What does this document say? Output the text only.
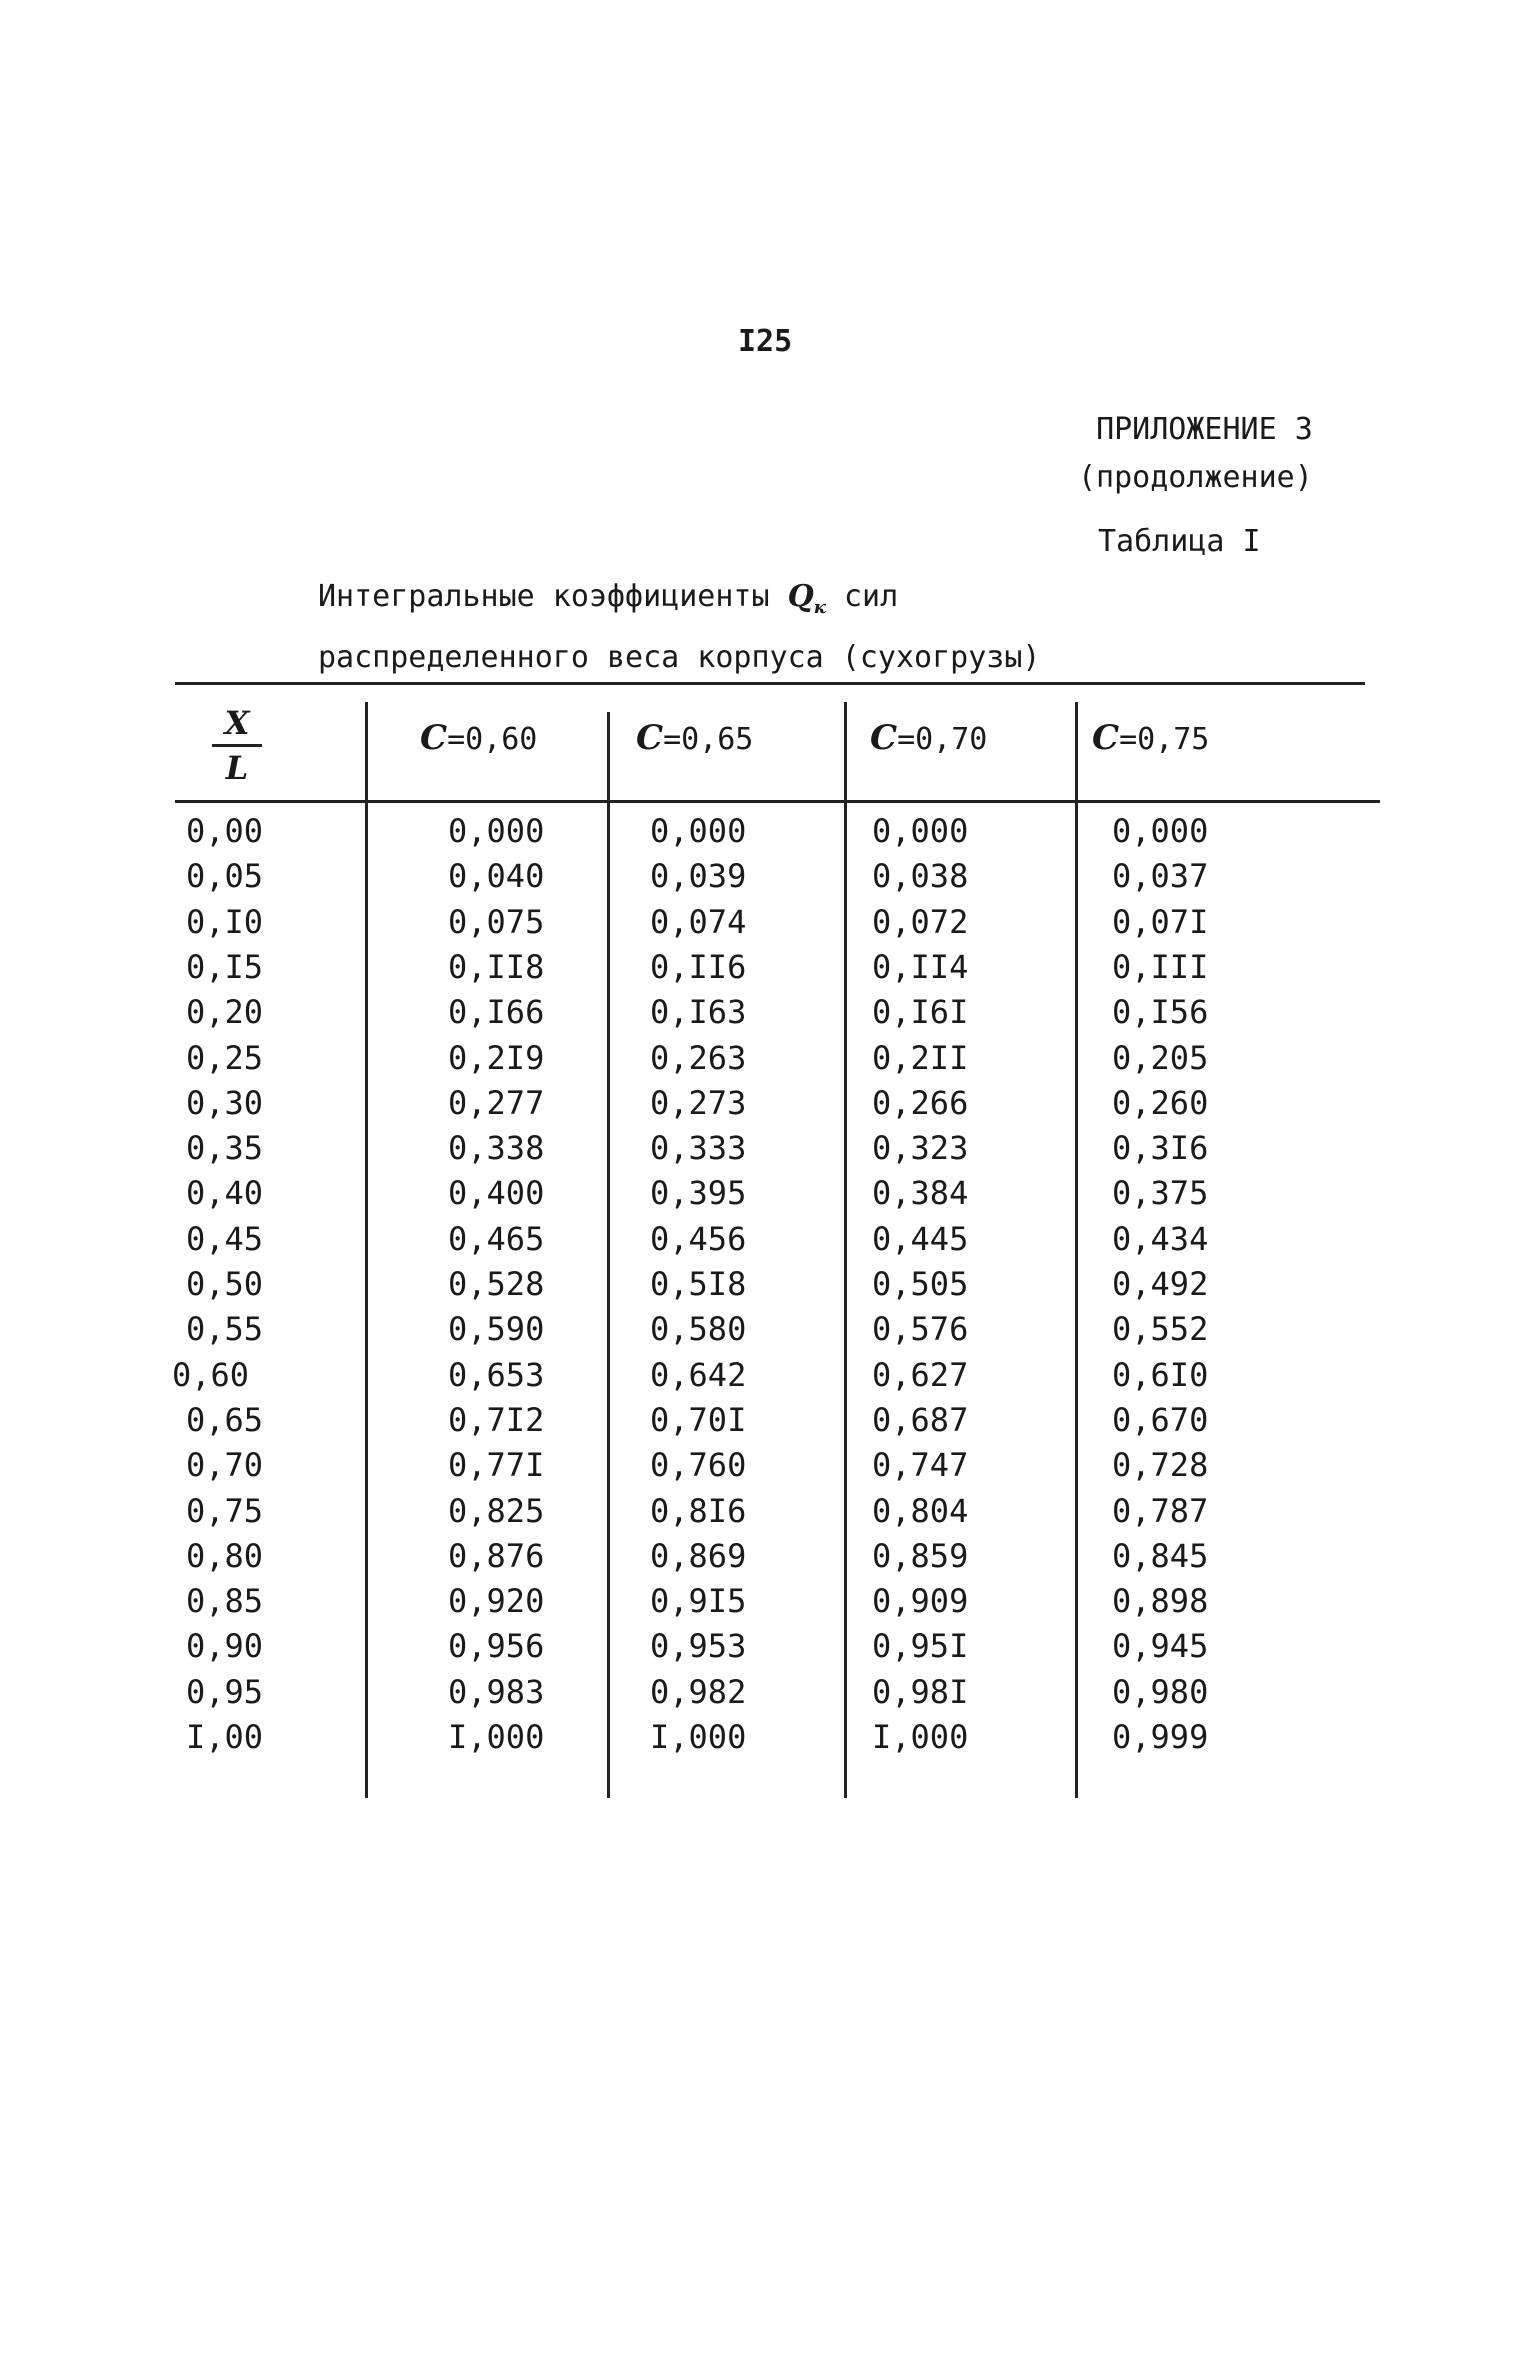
I25
ПРИЛОЖЕНИЕ 3
(продолжение)
Таблица I
Интегральные коэффициенты $Q_к$ сил
распределенного веса корпуса (сухогрузы)
X
L
C=0,60	C=0,65	C=0,70	C=0,75
0,00	0,000	0,000	0,000	0,000
0,05	0,040	0,039	0,038	0,037
0,I0	0,075	0,074	0,072	0,07I
0,I5	0,II8	0,II6	0,II4	0,III
0,20	0,I66	0,I63	0,I6I	0,I56
0,25	0,2I9	0,263	0,2II	0,205
0,30	0,277	0,273	0,266	0,260
0,35	0,338	0,333	0,323	0,3I6
0,40	0,400	0,395	0,384	0,375
0,45	0,465	0,456	0,445	0,434
0,50	0,528	0,5I8	0,505	0,492
0,55	0,590	0,580	0,576	0,552
0,60	0,653	0,642	0,627	0,6I0
0,65	0,7I2	0,70I	0,687	0,670
0,70	0,77I	0,760	0,747	0,728
0,75	0,825	0,8I6	0,804	0,787
0,80	0,876	0,869	0,859	0,845
0,85	0,920	0,9I5	0,909	0,898
0,90	0,956	0,953	0,95I	0,945
0,95	0,983	0,982	0,98I	0,980
I,00	I,000	I,000	I,000	0,999
